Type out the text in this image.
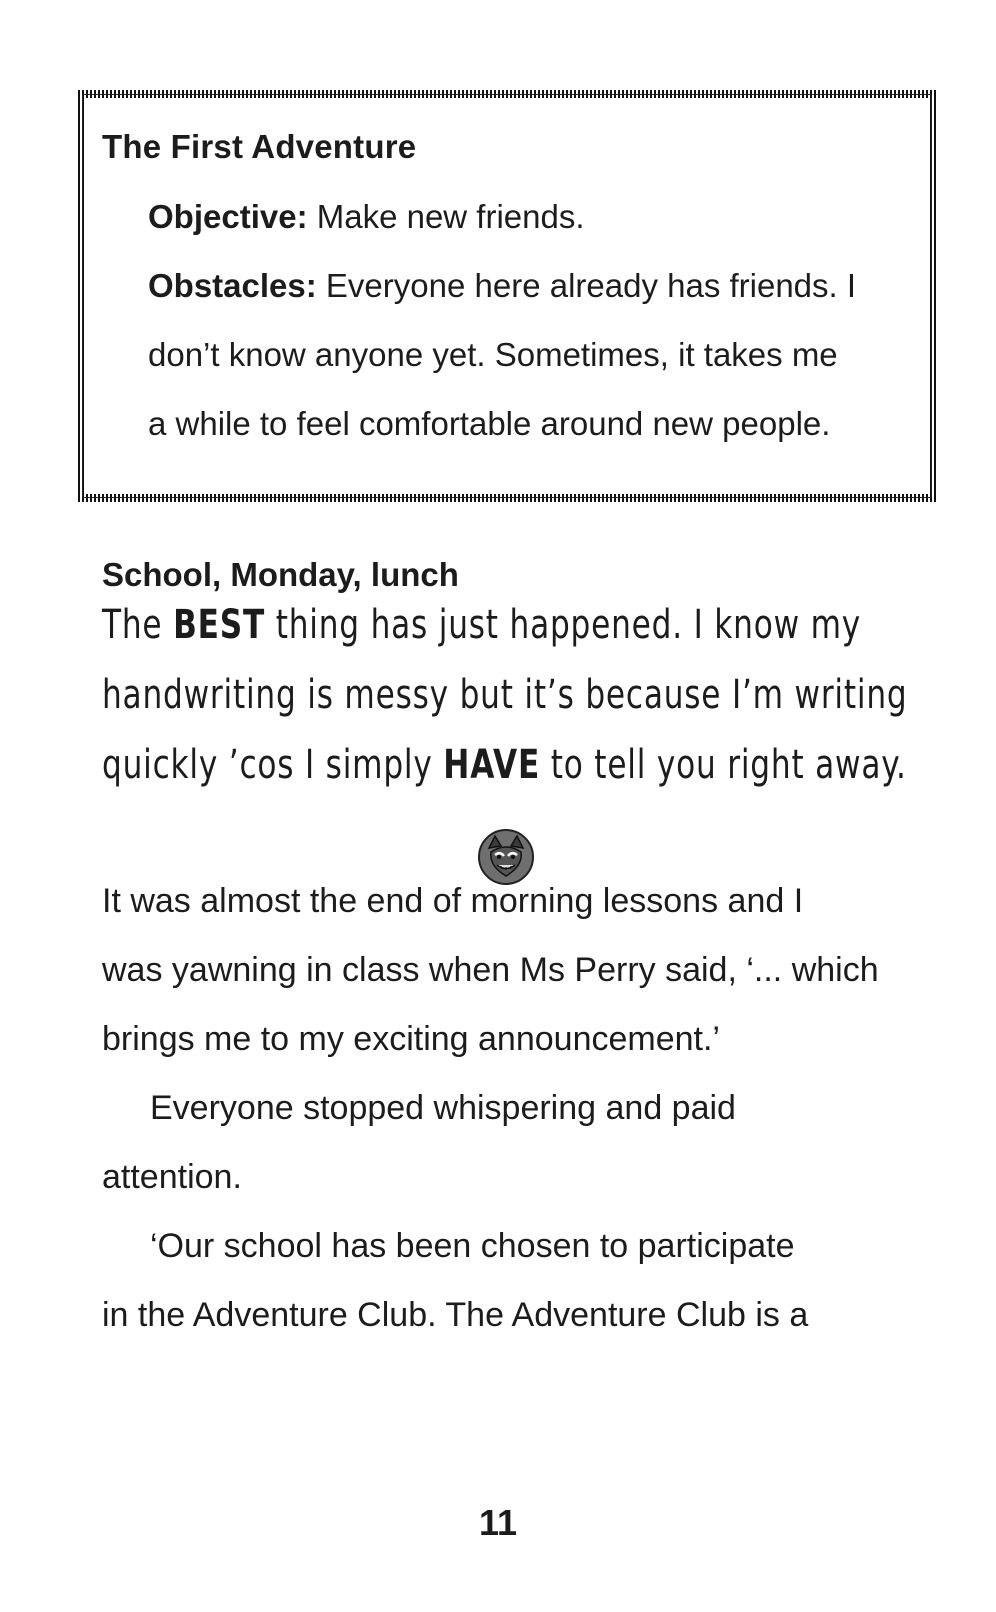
The First Adventure
Objective: Make new friends.
Obstacles: Everyone here already has friends. I
don’t know anyone yet. Sometimes, it takes me
a while to feel comfortable around new people.
School, Monday, lunch
The BEST thing has just happened. I know my
handwriting is messy but it’s because I’m writing
quickly ’cos I simply HAVE to tell you right away.
It was almost the end of morning lessons and I
was yawning in class when Ms Perry said, ‘... which
brings me to my exciting announcement.’
Everyone stopped whispering and paid
attention.
‘Our school has been chosen to participate
in the Adventure Club. The Adventure Club is a
11
